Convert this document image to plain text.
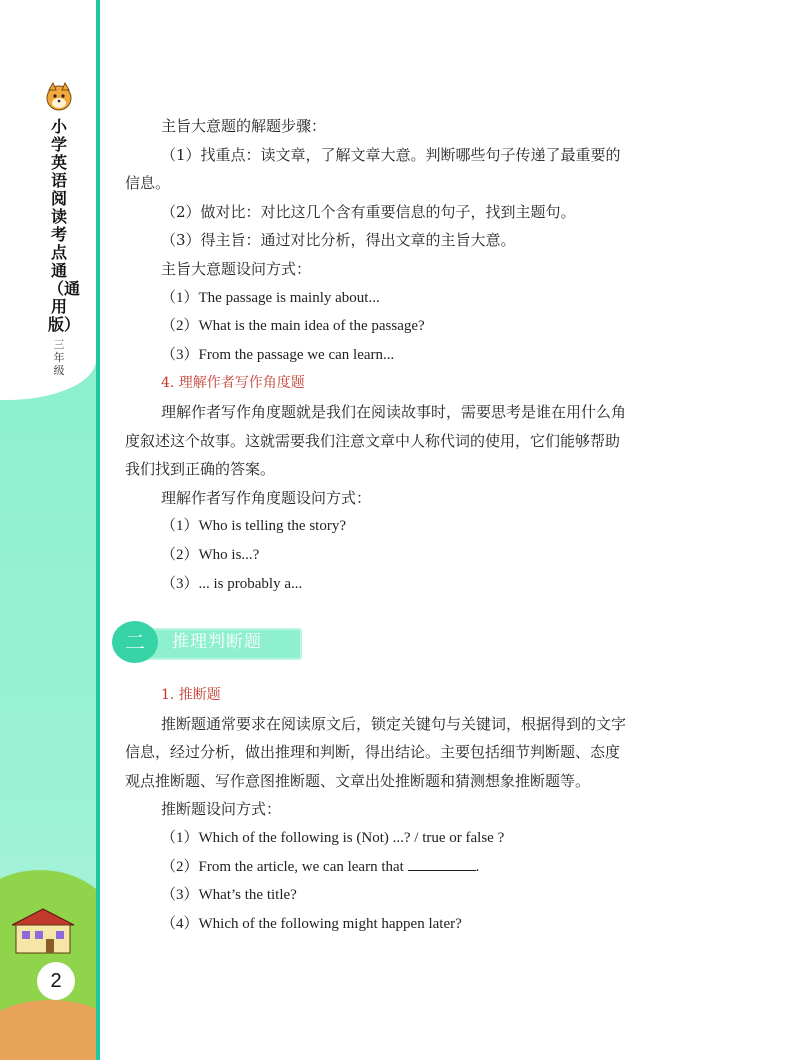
小学英语阅读考点通（通用版）
三年级
2
主旨大意题的解题步骤：
（1）找重点：读文章，了解文章大意。判断哪些句子传递了最重要的
信息。
（2）做对比：对比这几个含有重要信息的句子，找到主题句。
（3）得主旨：通过对比分析，得出文章的主旨大意。
主旨大意题设问方式：
（1）The passage is mainly about...
（2）What is the main idea of the passage?
（3）From the passage we can learn...
4. 理解作者写作角度题
理解作者写作角度题就是我们在阅读故事时，需要思考是谁在用什么角
度叙述这个故事。这就需要我们注意文章中人称代词的使用，它们能够帮助
我们找到正确的答案。
理解作者写作角度题设问方式：
（1）Who is telling the story?
（2）Who is...?
（3）... is probably a...
二	推理判断题
1. 推断题
推断题通常要求在阅读原文后，锁定关键句与关键词，根据得到的文字
信息，经过分析，做出推理和判断，得出结论。主要包括细节判断题、态度
观点推断题、写作意图推断题、文章出处推断题和猜测想象推断题等。
推断题设问方式：
（1）Which of the following is (Not) ...? / true or false ?
（2）From the article, we can learn that	.
（3）What’s the title?
（4）Which of the following might happen later?
